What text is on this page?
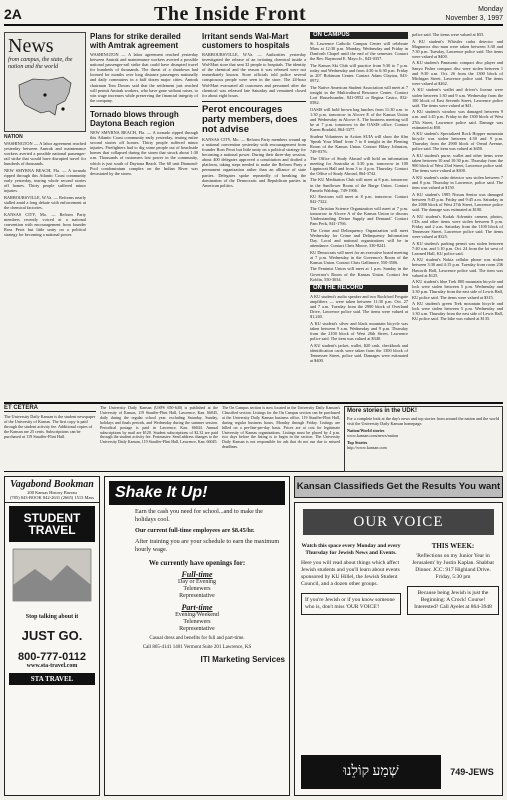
2A	The Inside Front	Monday
November 3, 1997
News
from campus, the state, the nation and the world
NATION
WASHINGTON — A labor agreement reached yesterday between Amtrak and maintenance workers averted a possible national passenger-rail strike that would have disrupted travel for hundreds of thousands.
NEW SMYRNA BEACH, Fla. — A tornado ripped through this Atlantic Coast community early yesterday, tearing whole second stories off homes. Thirty people suffered minor injuries.
BARBOURSVILLE, W.Va. — Reforms nearly stalled amid a long debate with enforcement at the chemical factories.
KANSAS CITY, Mo. — Reform Party members recently voiced at a national convention with encouragement from founder Ross Perot but little unity on a political strategy for becoming a national power.
Plans for strike derailed with Amtrak agreement
WASHINGTON — A labor agreement reached yesterday between Amtrak and maintenance workers averted a possible national passenger-rail strike that could have disrupted travel for hundreds of thousands. The threat of a shutdown had loomed for months over long distance passengers nationally and daily commuters in a half dozen major cities. Amtrak chairman Tom Downs said that the settlement just reached will permit Amtrak workers, who have gone without raises, to win wage increases while preserving the financial integrity of the company.
Tornado blows through Daytona Beach region
NEW SMYRNA BEACH, Fla. — A tornado ripped through this Atlantic Coast community early yesterday, tearing entire second stories off homes. Thirty people suffered minor injuries. Firefighters had to dig some people out of beachside homes that collapsed during the storm that struck about 1:30 a.m. Thousands of customers lost power in the community, which is just south of Daytona Beach. The 60 unit Diamond-Pool condominium complex on the Indian River was devastated by the storm.
Irritant sends Wal-Mart customers to hospitals
BARBOURSVILLE, W.Va. — Authorities yesterday investigated the release of an irritating chemical inside a Wal-Mart store that sent 32 people to hospitals. The identity of the chemical and the reason it was released were not immediately known. Store officials told police several conspicuous people were seen in the store. The 24-hour Wal-Mart evacuated all customers and personnel after the chemical was released late Saturday and remained closed for about eight hours.
Perot encourages party members, does not advise
KANSAS CITY, Mo. — Reform Party members wound up a national convention yesterday with encouragement from founder Ross Perot but little unity on a political strategy for becoming a national power. During their three-day session, about 400 delegates approved a constitution and drafted a platform, taking steps needed to make the Reform Party a permanent organization rather than an alliance of state parties. Delegates spoke repeatedly of breaking the domination of the Democratic and Republican parties in American politics.
ON CAMPUS
St. Lawrence Catholic Campus Center will celebrate Mass at 12:30 p.m. Monday, Wednesday and Friday in Danforth Chapel until the end of the semester. Contact the Rev. Raymond E. Mayo Jr., 843-0357.
The Kansas Ski Club will practice from 5:30 to 7 p.m. today and Wednesday and from 4:30 to 6:30 p.m. Friday in 207 Robinson Center. Contact Adam Clayton, 843-0972.
The Native American Student Association will meet at 7 tonight in the Multicultural Resource Center. Contact Lori Hasselwander, 841-0952 or Regina Castro, 832-0582.
OASIS will hold brown bag lunches from 11:30 a.m. to 1:30 p.m. tomorrow in Alcove E of the Kansas Union and Wednesday in Alcove A. The business meeting will be at 7 p.m. tomorrow in the OASIS office. Contact Karen Rosdahl, 864-3377.
Student Volunteers in Action SUIA will show the film 'Speak Your Mind' from 7 to 8 tonight in the Fleming Room of the Kansas Union. Contact Hilary Johnston, 749-0376.
The Office of Study Abroad will hold an information meeting for Australia at 3:30 p.m. tomorrow in 100 Lippincott Hall and from 3 to 4 p.m. Thursday. Contact the Office of Study Abroad, 864-3742.
The KU Meditation Club will meet at 8 p.m. tomorrow in the Sunflower Room of the Burge Union. Contact Pamela Waldrup, 749-1906.
KU Environs will meet at 8 p.m. tomorrow. Contact 842-7322.
The Christian Science Organization will meet at 7 p.m. tomorrow in Alcove A of the Kansas Union to discuss 'Understanding Divine Supply and Demand.' Contact Pam Peck, 841-1766.
The Crime and Delinquency Organization will meet Wednesday for Crime and Delinquency Information Day. Local and national organizations will be in attendance. Contact Chris Moore, 330-8241.
KU Democrats will meet for an executive board meeting at 7 p.m. Wednesday in the Governor's Room of the Kansas Union. Contact Chris Gallimore, 550-3506.
The Feminist Union will meet at 1 p.m. Sunday in the Governor's Room of the Kansas Union. Contact Jen Koblin, 550-3034.
ON THE RECORD
A KU student's audio speaker and two Rockford Fosgate amplifiers — were taken between 11:30 p.m. Oct. 27 and 7 a.m. Tuesday from the 2900 block of Overland Drive, Lawrence police said. The items were valued at $1,240.
A KU student's silver and black mountain bicycle was taken between 9 a.m. Wednesday and 9 p.m. Thursday from the 2100 block of West 26th Street, Lawrence police said. The item was valued at $340.
A KU student's jacket, wallet, $20 cash, checkbook and identification cards were taken from the 1300 block of Tennessee Street, police said. Damages were estimated at $400.
police said. The items were valued at $55.
A KU student's Whistler radar detector and Magnavox disc-man were taken between 3:30 and 7:30 p.m. Tuesday, Lawrence police said. The items were valued at $400.
A KU student's Panasonic compact disc player and Sanyo Fisher compact disc were stolen between 1 and 9:30 a.m. Oct. 26 from the 1300 block of Michigan Street, Lawrence police said. The items were valued at $262.
A KU student's wallet and driver's license were stolen between 1:30 and 9 a.m. Wednesday from the 100 block of East Seventh Street, Lawrence police said. The items were valued at $41.
A KU student's window was damaged between 9 a.m. and 1:45 p.m. Friday in the 1300 block of West 27th Street, Lawrence police said. Damage was estimated at $50.
A KU student's Specialized Rock Hopper mountain bicycle was stolen between 4:30 and 9 p.m. Thursday from the 2900 block of Oread Avenue, police said. The item was valued at $450.
A KU student's purse, wallet and other items were taken between 10 and 10:30 p.m. Thursday from the 900 block of West 23rd Street, Lawrence police said. The items were valued at $300.
A KU student's radar detector was stolen between 7 and 8 p.m. Thursday in Lawrence, police said. The item was valued at $150.
A KU student's 1985 Nissan Sentra was damaged between 9:45 p.m. Friday and 9:45 a.m. Saturday in the 2000 block of West 27th Street, Lawrence police said. The damage was estimated at $100.
A KU student's Kodak Advantix camera, photos, CDs and other items were stolen between 8 p.m. Friday and 2 a.m. Saturday from the 1100 block of Tennessee Street, Lawrence police said. The items were valued at $325.
A KU student's parking permit was stolen between 7:40 a.m. and 1:10 p.m. Oct. 24 from the lot west of Learned Hall, KU police said.
A KU student's Nokia cellular phone was stolen between 3:30 and 4:15 p.m. Tuesday from room 236 Haworth Hall, Lawrence police said. The item was valued at $125.
A KU student's blue Trek 800 mountain bicycle and lock were stolen between 5 p.m. Wednesday and 3:30 p.m. Thursday from the east side of Lewis Hall, KU police said. The items were valued at $315.
A KU student's green Trek mountain bicycle and lock were stolen between 5 p.m. Wednesday and 1:30 a.m. Thursday from the east side of Lewis Hall, KU police said. The bike was valued at $135.
ET CETERA
The University Daily Kansan is the student newspaper of the University of Kansas. The first copy is paid through the student activity fee. Additional copies of the Kansan are 25 cents. Subscriptions can be purchased at 119 Stauffer-Flint Hall.
The University Daily Kansan (USPS 650-640) is published at the University of Kansas, 119 Stauffer-Flint Hall, Lawrence, Kan. 66045, daily during the regular school year, excluding Saturday, Sunday, holidays and finals periods, and Wednesday during the summer session. Periodical postage is paid in Lawrence, Kan. 66044. Annual subscriptions by mail are $120. Student subscriptions of $2.32 are paid through the student activity fee. Postmaster: Send address changes to the University Daily Kansan, 119 Stauffer-Flint Hall, Lawrence, Kan. 66045.
The On Campus section is now located in the University Daily Kansan's Classified section. Listings for the On Campus section can be purchased at the University Daily Kansan business office, 119 Stauffer-Flint Hall, during regular business hours, Monday through Friday. Listings are billed on a per-line-per-day basis. Prices are at cost for legitimate University of Kansas organizations. Listings must be placed by 4 p.m. two days before the listing is to begin in the section. The University Daily Kansan is not responsible for ads that do not run due to missed deadlines.
More stories in the UDK!
For a complete look at the day's news and top stories from around the nation and the world visit the University Daily Kansan homepage.
Nation/World stories
www.kansan.com/news/nation
Top Stories
http://www.kansan.com
Vagabond Bookman
200 Kansas History Bureau
(785) 843-BOOK 842-2631 (2665) 1513 Mass
STUDENT TRAVEL
Stop talking about it
JUST GO.
800-777-0112
www.sta-travel.com
STA TRAVEL
Shake It Up!

Earn the cash you need for school...and to make the holidays cool.

Our current full-time employees are $8.45/hr.

After training you are your schedule to earn the maximum hourly wage.

We currently have openings for:
Full-time
Day or Evening
Telenewers
Representative
Part-time
Evening/Weekend
Telenewers
Representative
Casual dress and benefits for full and part-time.
Call 865-4141 1401 Vermont Suite 201 Lawrence, KS
ITI Marketing Services
Kansan Classifieds Get the Results You want
OUR VOICE
Watch this space every Monday and every Thursday for Jewish News and Events.
Here you will read about things which affect Jewish students and you'll learn about events sponsored by KU Hillel, the Jewish Student Council, and a dozen other groups.
If you're Jewish or if you know someone who is, don't miss 'OUR VOICE'!
THIS WEEK:
'Reflections on my Junior Year in Jerusalem' by Justin Kaplan. Shabbat Dinner. JCC: 917 Highland Drive. Friday, 5:30 pm
Because being Jewish is just the Beginning: A Crock! Course! Interested? Call Ayelet at 864-3948
שְׁמַע קוֹלֵנוּ	749-JEWS
